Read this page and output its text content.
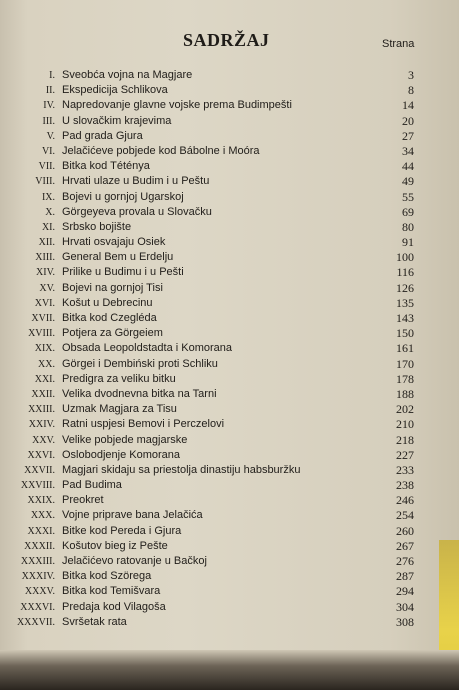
SADRŽAJ	Strana
I. Sveobća vojna na Magjare	3
II. Ekspedicija Schlikova	8
IV. Napredovanje glavne vojske prema Budimpešti	14
III. U slovačkim krajevima	20
V. Pad grada Gjura	27
VI. Jelačićeve pobjede kod Bábolne i Moóra	34
VII. Bitka kod Téténya	44
VIII. Hrvati ulaze u Budim i u Peštu	49
IX. Bojevi u gornjoj Ugarskoj	55
X. Görgeyeva provala u Slovačku	69
XI. Srbsko bojište	80
XII. Hrvati osvajaju Osiek	91
XIII. General Bem u Erdelju	100
XIV. Prilike u Budimu i u Pešti	116
XV. Bojevi na gornjoj Tisi	126
XVI. Košut u Debrecinu	135
XVII. Bitka kod Czegléda	143
XVIII. Potjera za Görgeiem	150
XIX. Obsada Leopoldstadta i Komorana	161
XX. Görgei i Dembiński proti Schliku	170
XXI. Predigra za veliku bitku	178
XXII. Velika dvodnevna bitka na Tarni	188
XXIII. Uzmak Magjara za Tisu	202
XXIV. Ratni uspjesi Bemovi i Perczelovi	210
XXV. Velike pobjede magjarske	218
XXVI. Oslobodjenje Komorana	227
XXVII. Magjari skidaju sa priestolja dinastiju habsburžku	233
XXVIII. Pad Budima	238
XXIX. Preokret	246
XXX. Vojne priprave bana Jelačića	254
XXXI. Bitke kod Pereda i Gjura	260
XXXII. Košutov bieg iz Pešte	267
XXXIII. Jelačićevo ratovanje u Bačkoj	276
XXXIV. Bitka kod Szörega	287
XXXV. Bitka kod Temišvara	294
XXXVI. Predaja kod Vilagoša	304
XXXVII. Svršetak rata	308
